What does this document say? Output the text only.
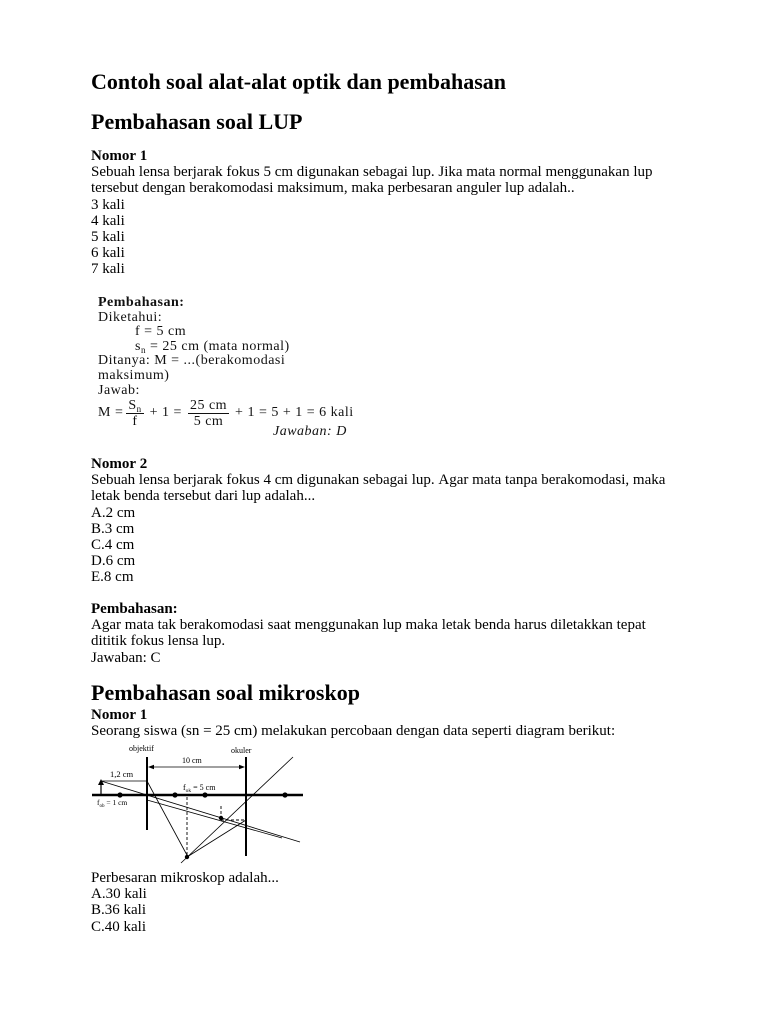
Contoh soal alat-alat optik dan pembahasan
Pembahasan soal LUP
Nomor 1
Sebuah lensa berjarak fokus 5 cm digunakan sebagai lup. Jika mata normal menggunakan lup tersebut dengan berakomodasi maksimum, maka perbesaran anguler lup adalah..
3 kali
4 kali
5 kali
6 kali
7 kali
Pembahasan:
Diketahui:
f = 5 cm
$s_n = 25$ cm (mata normal)
Ditanya: M = ...(berakomodasi
maksimum)
Jawab:
$M = \frac{S_n}{f} + 1 = \frac{25 cm}{5 cm} + 1 = 5 + 1 = 6$ kali
Jawaban: D
Nomor 2
Sebuah lensa berjarak fokus 4 cm digunakan sebagai lup. Agar mata tanpa berakomodasi, maka letak benda tersebut dari lup adalah...
A.2 cm
B.3 cm
C.4 cm
D.6 cm
E.8 cm
Pembahasan:
Agar mata tak berakomodasi saat menggunakan lup maka letak benda harus diletakkan tepat dititik fokus lensa lup.
Jawaban: C
Pembahasan soal mikroskop
Nomor 1
Seorang siswa (sn = 25 cm) melakukan percobaan dengan data seperti diagram berikut:
objektif	okuler
10 cm
1,2 cm
$f_{ok} = 5$ cm
$f_{ob} = 1$ cm
Perbesaran mikroskop adalah...
A.30 kali
B.36 kali
C.40 kali
